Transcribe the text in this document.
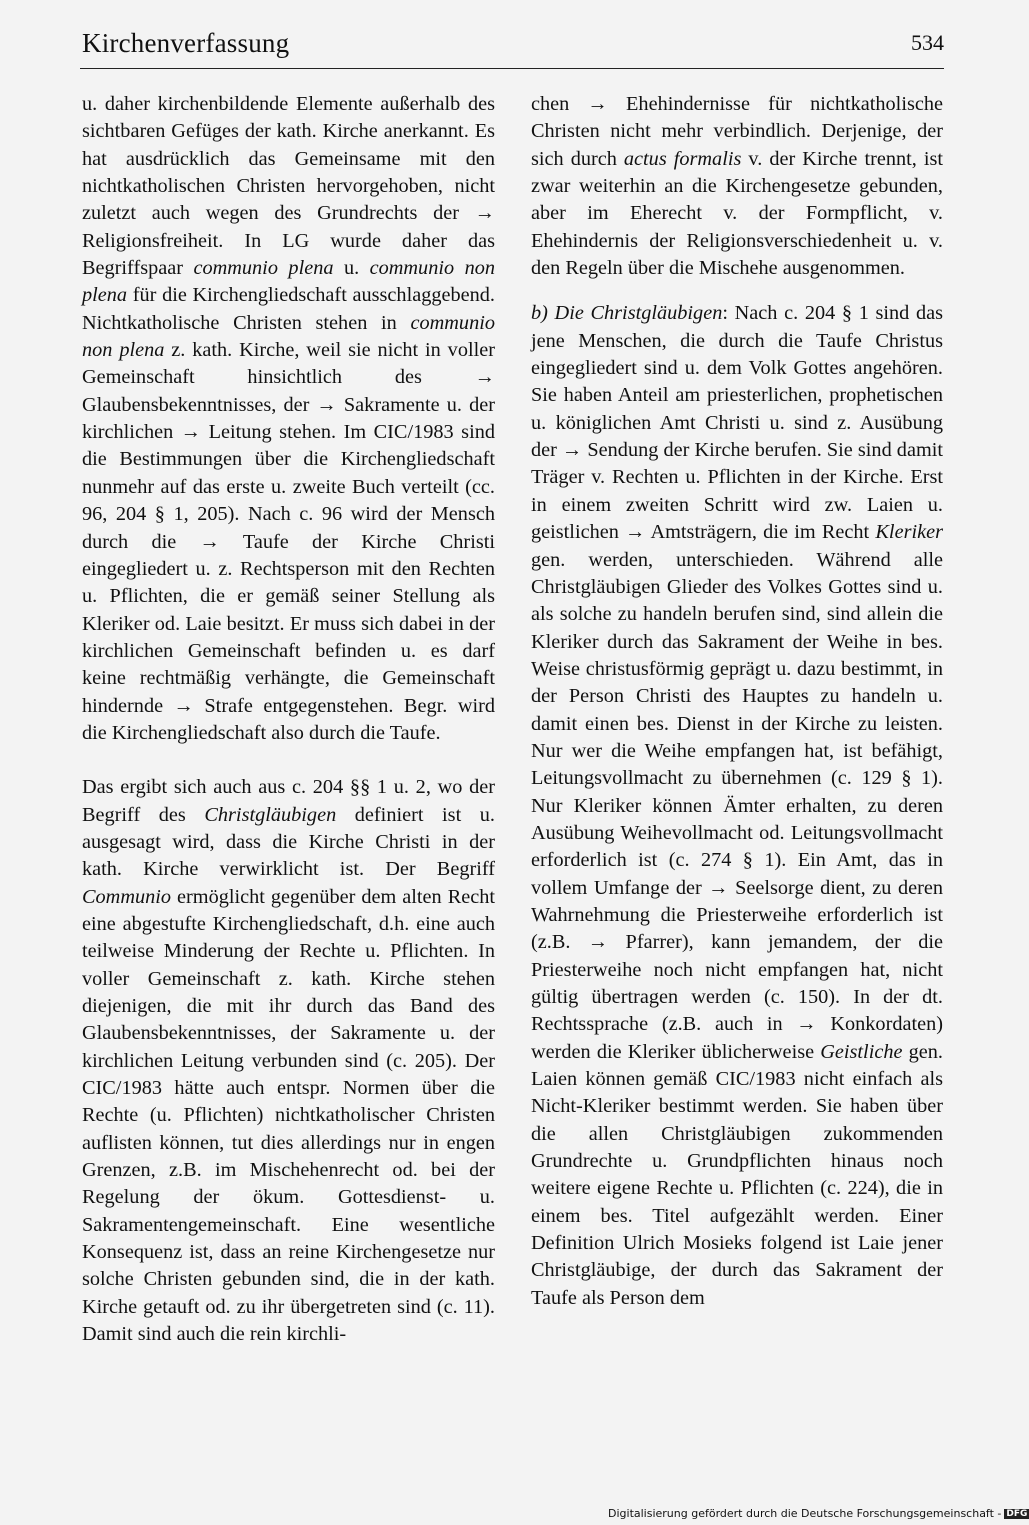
Kirchenverfassung	534

u. daher kirchenbildende Elemente außerhalb des sichtbaren Gefüges der kath. Kirche anerkannt. Es hat ausdrücklich das Gemeinsame mit den nichtkatholischen Christen hervorgehoben, nicht zuletzt auch wegen des Grundrechts der → Religionsfreiheit. In LG wurde daher das Begriffspaar communio plena u. communio non plena für die Kirchengliedschaft ausschlaggebend. Nichtkatholische Christen stehen in communio non plena z. kath. Kirche, weil sie nicht in voller Gemeinschaft hinsichtlich des → Glaubensbekenntnisses, der → Sakramente u. der kirchlichen → Leitung stehen. Im CIC/1983 sind die Bestimmungen über die Kirchengliedschaft nunmehr auf das erste u. zweite Buch verteilt (cc. 96, 204 § 1, 205). Nach c. 96 wird der Mensch durch die → Taufe der Kirche Christi eingegliedert u. z. Rechtsperson mit den Rechten u. Pflichten, die er gemäß seiner Stellung als Kleriker od. Laie besitzt. Er muss sich dabei in der kirchlichen Gemeinschaft befinden u. es darf keine rechtmäßig verhängte, die Gemeinschaft hindernde → Strafe entgegenstehen. Begr. wird die Kirchengliedschaft also durch die Taufe.

Das ergibt sich auch aus c. 204 §§ 1 u. 2, wo der Begriff des Christgläubigen definiert ist u. ausgesagt wird, dass die Kirche Christi in der kath. Kirche verwirklicht ist. Der Begriff Communio ermöglicht gegenüber dem alten Recht eine abgestufte Kirchengliedschaft, d.h. eine auch teilweise Minderung der Rechte u. Pflichten. In voller Gemeinschaft z. kath. Kirche stehen diejenigen, die mit ihr durch das Band des Glaubensbekenntnisses, der Sakramente u. der kirchlichen Leitung verbunden sind (c. 205). Der CIC/1983 hätte auch entspr. Normen über die Rechte (u. Pflichten) nichtkatholischer Christen auflisten können, tut dies allerdings nur in engen Grenzen, z.B. im Mischehenrecht od. bei der Regelung der ökum. Gottesdienst- u. Sakramentengemeinschaft. Eine wesentliche Konsequenz ist, dass an reine Kirchengesetze nur solche Christen gebunden sind, die in der kath. Kirche getauft od. zu ihr übergetreten sind (c. 11). Damit sind auch die rein kirchli-

chen → Ehehindernisse für nichtkatholische Christen nicht mehr verbindlich. Derjenige, der sich durch actus formalis v. der Kirche trennt, ist zwar weiterhin an die Kirchengesetze gebunden, aber im Eherecht v. der Formpflicht, v. Ehehindernis der Religionsverschiedenheit u. v. den Regeln über die Mischehe ausgenommen.

b) Die Christgläubigen: Nach c. 204 § 1 sind das jene Menschen, die durch die Taufe Christus eingegliedert sind u. dem Volk Gottes angehören. Sie haben Anteil am priesterlichen, prophetischen u. königlichen Amt Christi u. sind z. Ausübung der → Sendung der Kirche berufen. Sie sind damit Träger v. Rechten u. Pflichten in der Kirche. Erst in einem zweiten Schritt wird zw. Laien u. geistlichen → Amtsträgern, die im Recht Kleriker gen. werden, unterschieden. Während alle Christgläubigen Glieder des Volkes Gottes sind u. als solche zu handeln berufen sind, sind allein die Kleriker durch das Sakrament der Weihe in bes. Weise christusförmig geprägt u. dazu bestimmt, in der Person Christi des Hauptes zu handeln u. damit einen bes. Dienst in der Kirche zu leisten. Nur wer die Weihe empfangen hat, ist befähigt, Leitungsvollmacht zu übernehmen (c. 129 § 1). Nur Kleriker können Ämter erhalten, zu deren Ausübung Weihevollmacht od. Leitungsvollmacht erforderlich ist (c. 274 § 1). Ein Amt, das in vollem Umfange der → Seelsorge dient, zu deren Wahrnehmung die Priesterweihe erforderlich ist (z.B. → Pfarrer), kann jemandem, der die Priesterweihe noch nicht empfangen hat, nicht gültig übertragen werden (c. 150). In der dt. Rechtssprache (z.B. auch in → Konkordaten) werden die Kleriker üblicherweise Geistliche gen. Laien können gemäß CIC/1983 nicht einfach als Nicht-Kleriker bestimmt werden. Sie haben über die allen Christgläubigen zukommenden Grundrechte u. Grundpflichten hinaus noch weitere eigene Rechte u. Pflichten (c. 224), die in einem bes. Titel aufgezählt werden. Einer Definition Ulrich Mosieks folgend ist Laie jener Christgläubige, der durch das Sakrament der Taufe als Person dem

Digitalisierung gefördert durch die Deutsche Forschungsgemeinschaft - DFG
